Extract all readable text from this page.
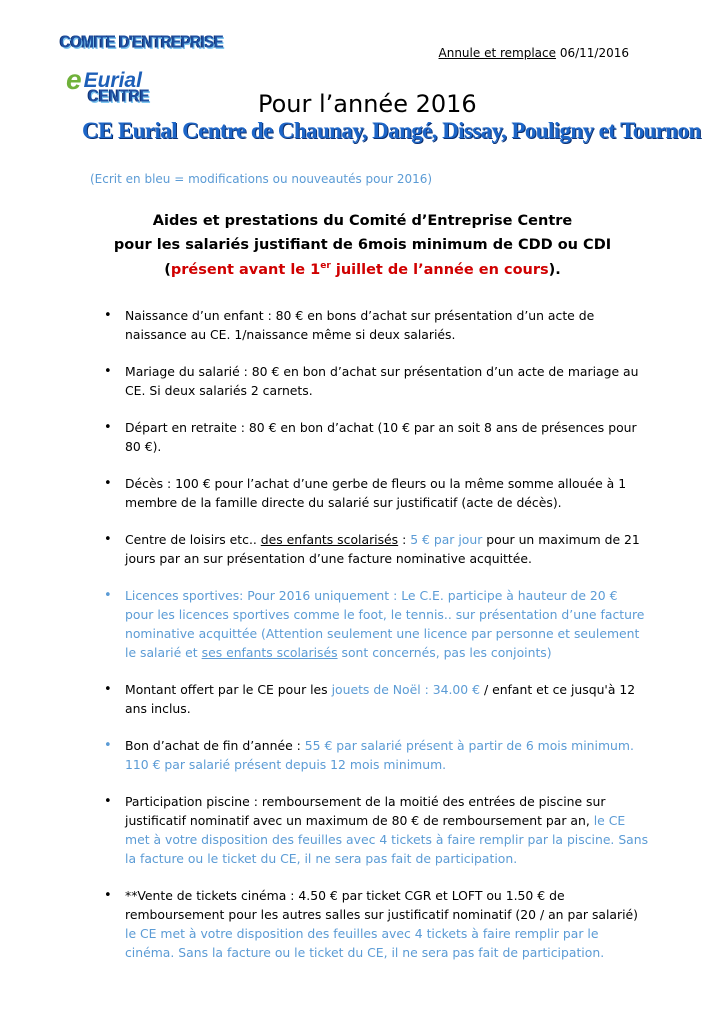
COMITE D'ENTREPRISE
eEurial
CENTRE
Annule et remplace 06/11/2016
Pour l’année 2016
CE Eurial Centre de Chaunay, Dangé, Dissay, Pouligny et Tournon
(Ecrit en bleu = modifications ou nouveautés pour 2016)
Aides et prestations du Comité d’Entreprise Centre
pour les salariés justifiant de 6mois minimum de CDD ou CDI
(présent avant le 1er juillet de l’année en cours).
• Naissance d’un enfant : 80 € en bons d’achat sur présentation d’un acte de naissance au CE. 1/naissance même si deux salariés.
• Mariage du salarié : 80 € en bon d’achat sur présentation d’un acte de mariage au CE. Si deux salariés 2 carnets.
• Départ en retraite : 80 € en bon d’achat (10 € par an soit 8 ans de présences pour 80 €).
• Décès : 100 € pour l’achat d’une gerbe de fleurs ou la même somme allouée à 1 membre de la famille directe du salarié sur justificatif (acte de décès).
• Centre de loisirs etc.. des enfants scolarisés : 5 € par jour pour un maximum de 21 jours par an sur présentation d’une facture nominative acquittée.
• Licences sportives: Pour 2016 uniquement : Le C.E. participe à hauteur de 20 € pour les licences sportives comme le foot, le tennis.. sur présentation d’une facture nominative acquittée (Attention seulement une licence par personne et seulement le salarié et ses enfants scolarisés sont concernés, pas les conjoints)
• Montant offert par le CE pour les jouets de Noël : 34.00 € / enfant et ce jusqu'à 12 ans inclus.
• Bon d’achat de fin d’année : 55 € par salarié présent à partir de 6 mois minimum. 110 € par salarié présent depuis 12 mois minimum.
• Participation piscine : remboursement de la moitié des entrées de piscine sur justificatif nominatif avec un maximum de 80 € de remboursement par an, le CE met à votre disposition des feuilles avec 4 tickets à faire remplir par la piscine. Sans la facture ou le ticket du CE, il ne sera pas fait de participation.
• **Vente de tickets cinéma : 4.50 € par ticket CGR et LOFT ou 1.50 € de remboursement pour les autres salles sur justificatif nominatif (20 / an par salarié) le CE met à votre disposition des feuilles avec 4 tickets à faire remplir par le cinéma. Sans la facture ou le ticket du CE, il ne sera pas fait de participation.
